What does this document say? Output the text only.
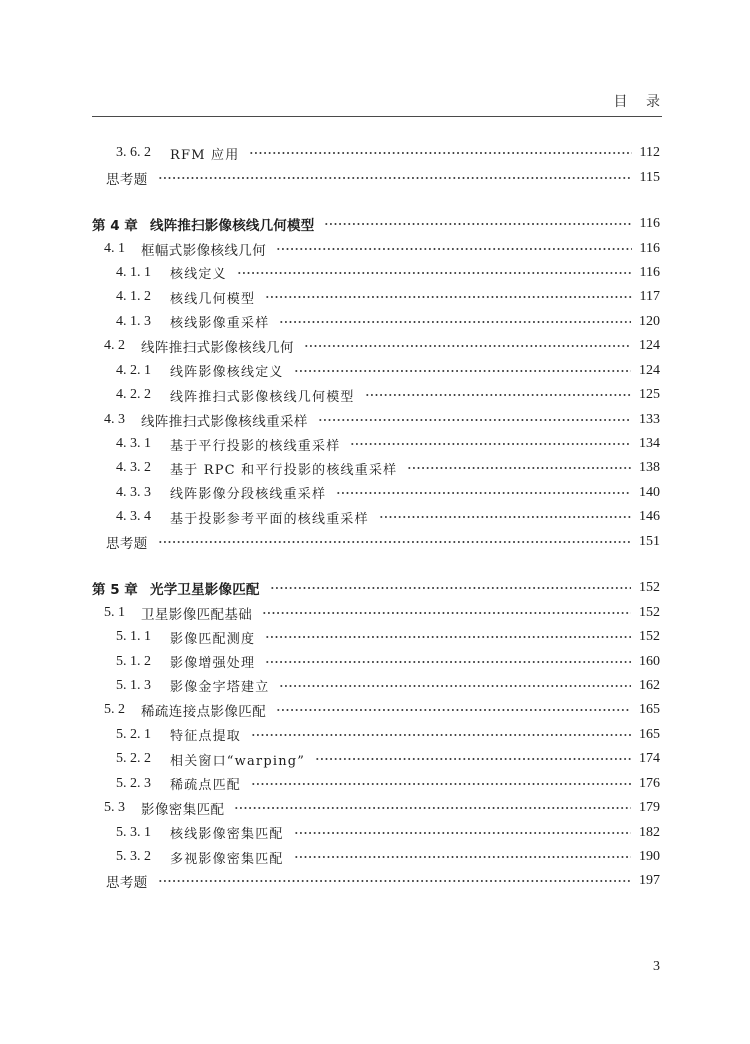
目 录
3. 6. 2	RFM 应用	112
思考题	115
第 4 章 线阵推扫影像核线几何模型	116
4. 1	框幅式影像核线几何	116
4. 1. 1	核线定义	116
4. 1. 2	核线几何模型	117
4. 1. 3	核线影像重采样	120
4. 2	线阵推扫式影像核线几何	124
4. 2. 1	线阵影像核线定义	124
4. 2. 2	线阵推扫式影像核线几何模型	125
4. 3	线阵推扫式影像核线重采样	133
4. 3. 1	基于平行投影的核线重采样	134
4. 3. 2	基于 RPC 和平行投影的核线重采样	138
4. 3. 3	线阵影像分段核线重采样	140
4. 3. 4	基于投影参考平面的核线重采样	146
思考题	151
第 5 章 光学卫星影像匹配	152
5. 1	卫星影像匹配基础	152
5. 1. 1	影像匹配测度	152
5. 1. 2	影像增强处理	160
5. 1. 3	影像金字塔建立	162
5. 2	稀疏连接点影像匹配	165
5. 2. 1	特征点提取	165
5. 2. 2	相关窗口“warping”	174
5. 2. 3	稀疏点匹配	176
5. 3	影像密集匹配	179
5. 3. 1	核线影像密集匹配	182
5. 3. 2	多视影像密集匹配	190
思考题	197
3
